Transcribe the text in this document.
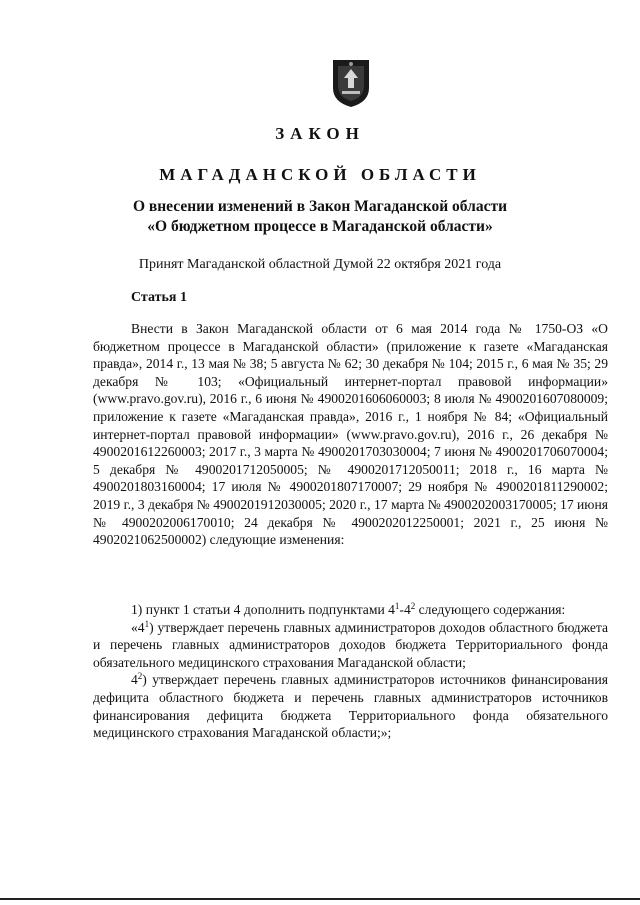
ЗАКОН
МАГАДАНСКОЙ ОБЛАСТИ
О внесении изменений в Закон Магаданской области
«О бюджетном процессе в Магаданской области»
Принят Магаданской областной Думой 22 октября 2021 года
Статья 1

Внести в Закон Магаданской области от 6 мая 2014 года № 1750-ОЗ «О бюджетном процессе в Магаданской области» (приложение к газете «Магаданская правда», 2014 г., 13 мая № 38; 5 августа № 62; 30 декабря № 104; 2015 г., 6 мая № 35; 29 декабря № 103; «Официальный интернет-портал правовой информации» (www.pravo.gov.ru), 2016 г., 6 июня № 4900201606060003; 8 июля № 4900201607080009; приложение к газете «Магаданская правда», 2016 г., 1 ноября № 84; «Официальный интернет-портал правовой информации» (www.pravo.gov.ru), 2016 г., 26 декабря № 4900201612260003; 2017 г., 3 марта № 4900201703030004; 7 июня № 4900201706070004; 5 декабря № 4900201712050005; № 4900201712050011; 2018 г., 16 марта № 4900201803160004; 17 июля № 4900201807170007; 29 ноября № 4900201811290002; 2019 г., 3 декабря № 4900201912030005; 2020 г., 17 марта № 4900202003170005; 17 июня № 4900202006170010; 24 декабря № 4900202012250001; 2021 г., 25 июня № 4902021062500002) следующие изменения:

1) пункт 1 статьи 4 дополнить подпунктами $4^1-4^2$ следующего содержания:

«$4^1$) утверждает перечень главных администраторов доходов областного бюджета и перечень главных администраторов доходов бюджета Территориального фонда обязательного медицинского страхования Магаданской области;

$4^2$) утверждает перечень главных администраторов источников финансирования дефицита областного бюджета и перечень главных администраторов источников финансирования дефицита бюджета Территориального фонда обязательного медицинского страхования Магаданской области;»;
